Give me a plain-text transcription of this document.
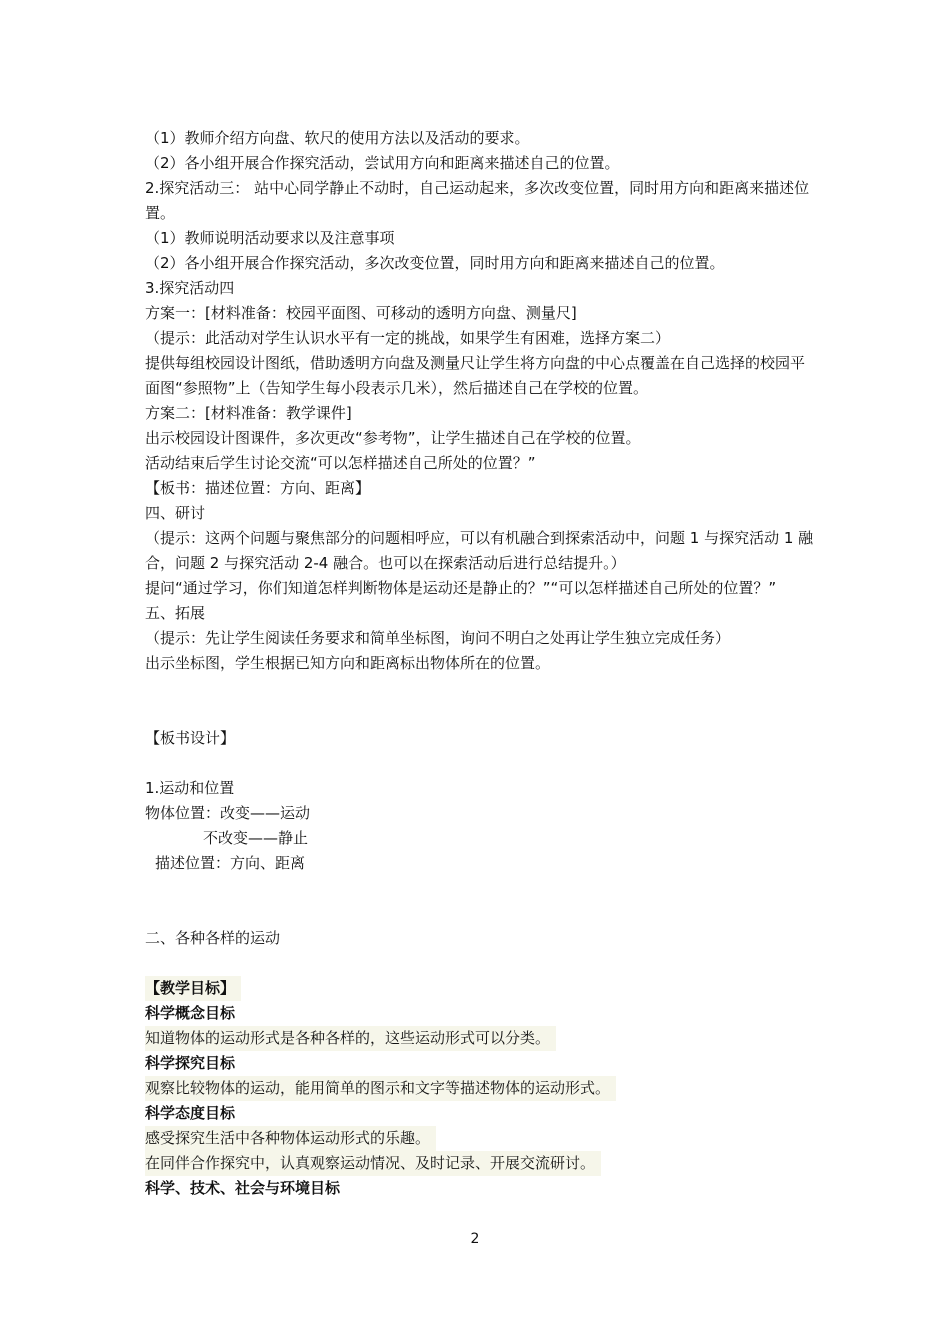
（1）教师介绍方向盘、软尺的使用方法以及活动的要求。
（2）各小组开展合作探究活动，尝试用方向和距离来描述自己的位置。
2.探究活动三： 站中心同学静止不动时，自己运动起来，多次改变位置，同时用方向和距离来描述位置。
（1）教师说明活动要求以及注意事项
（2）各小组开展合作探究活动，多次改变位置，同时用方向和距离来描述自己的位置。
3.探究活动四
方案一：[材料准备：校园平面图、可移动的透明方向盘、测量尺]
（提示：此活动对学生认识水平有一定的挑战，如果学生有困难，选择方案二）
提供每组校园设计图纸，借助透明方向盘及测量尺让学生将方向盘的中心点覆盖在自己选择的校园平面图“参照物”上（告知学生每小段表示几米），然后描述自己在学校的位置。
方案二：[材料准备：教学课件]
出示校园设计图课件，多次更改“参考物”，让学生描述自己在学校的位置。
活动结束后学生讨论交流“可以怎样描述自己所处的位置？”
【板书：描述位置：方向、距离】
四、研讨
（提示：这两个问题与聚焦部分的问题相呼应，可以有机融合到探索活动中，问题 1 与探究活动 1 融合，问题 2 与探究活动 2-4 融合。也可以在探索活动后进行总结提升。）
提问“通过学习，你们知道怎样判断物体是运动还是静止的？”“可以怎样描述自己所处的位置？”
五、拓展
（提示：先让学生阅读任务要求和简单坐标图，询问不明白之处再让学生独立完成任务）
出示坐标图，学生根据已知方向和距离标出物体所在的位置。
【板书设计】
1.运动和位置
物体位置：改变——运动
不改变——静止
描述位置：方向、距离
二、各种各样的运动
【教学目标】
科学概念目标
知道物体的运动形式是各种各样的，这些运动形式可以分类。
科学探究目标
观察比较物体的运动，能用简单的图示和文字等描述物体的运动形式。
科学态度目标
感受探究生活中各种物体运动形式的乐趣。
在同伴合作探究中，认真观察运动情况、及时记录、开展交流研讨。
科学、技术、社会与环境目标
2
